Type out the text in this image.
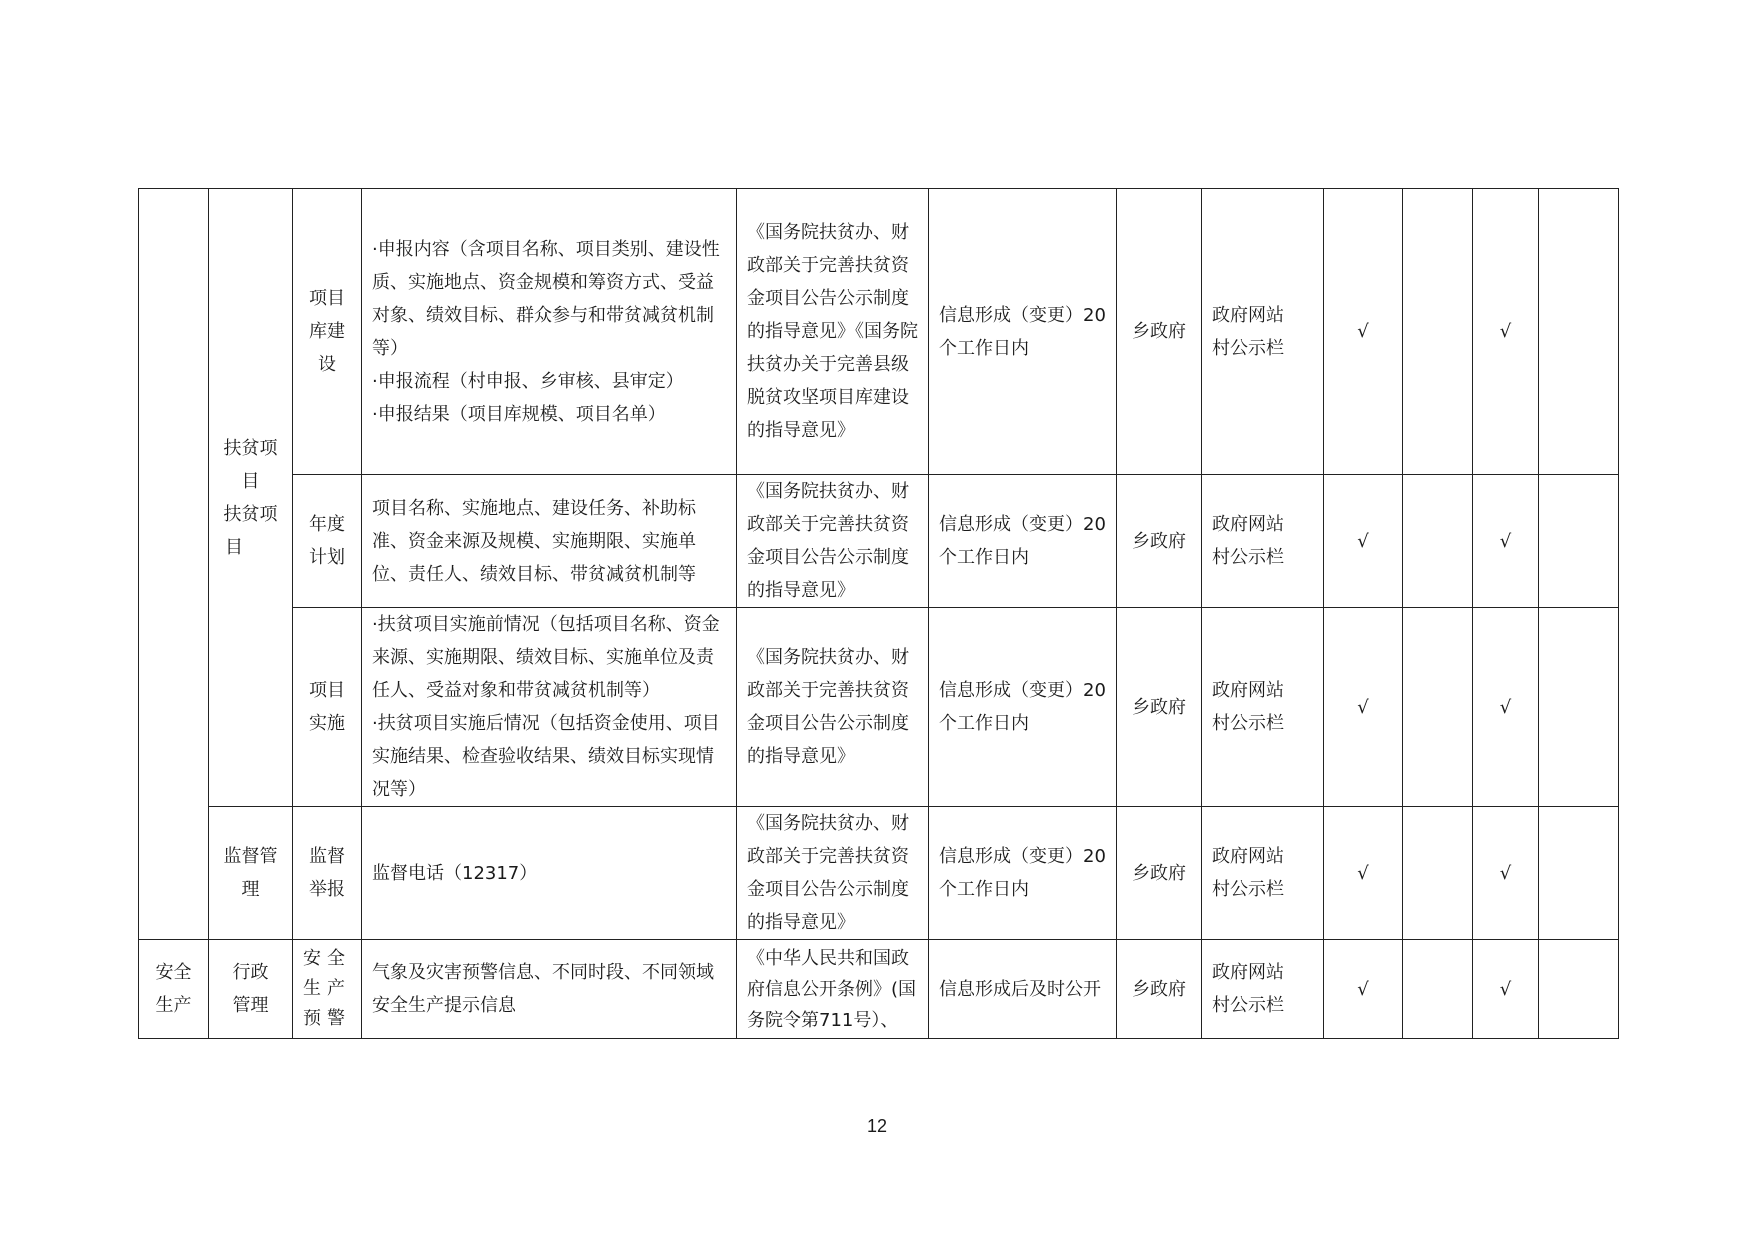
	扶贫项
目
扶贫项
目	项目
库建
设	·申报内容（含项目名称、项目类别、建设性质、实施地点、资金规模和筹资方式、受益对象、绩效目标、群众参与和带贫减贫机制等）
·申报流程（村申报、乡审核、县审定）
·申报结果（项目库规模、项目名单）	《国务院扶贫办、财政部关于完善扶贫资金项目公告公示制度的指导意见》《国务院扶贫办关于完善县级脱贫攻坚项目库建设的指导意见》	信息形成（变更）20个工作日内	乡政府	政府网站
村公示栏	√		√	

		年度
计划	项目名称、实施地点、建设任务、补助标准、资金来源及规模、实施期限、实施单位、责任人、绩效目标、带贫减贫机制等	《国务院扶贫办、财政部关于完善扶贫资金项目公告公示制度的指导意见》	信息形成（变更）20个工作日内	乡政府	政府网站
村公示栏	√		√	

		项目
实施	·扶贫项目实施前情况（包括项目名称、资金来源、实施期限、绩效目标、实施单位及责任人、受益对象和带贫减贫机制等）
·扶贫项目实施后情况（包括资金使用、项目实施结果、检查验收结果、绩效目标实现情况等）	《国务院扶贫办、财政部关于完善扶贫资金项目公告公示制度的指导意见》	信息形成（变更）20个工作日内	乡政府	政府网站
村公示栏	√		√	

	监督管
理	监督
举报	监督电话（12317）	《国务院扶贫办、财政部关于完善扶贫资金项目公告公示制度的指导意见》	信息形成（变更）20个工作日内	乡政府	政府网站
村公示栏	√		√	

安全
生产	行政
管理	安全
生产
预警	气象及灾害预警信息、不同时段、不同领域安全生产提示信息	《中华人民共和国政府信息公开条例》(国务院令第711号）、	信息形成后及时公开	乡政府	政府网站
村公示栏	√		√	
12
